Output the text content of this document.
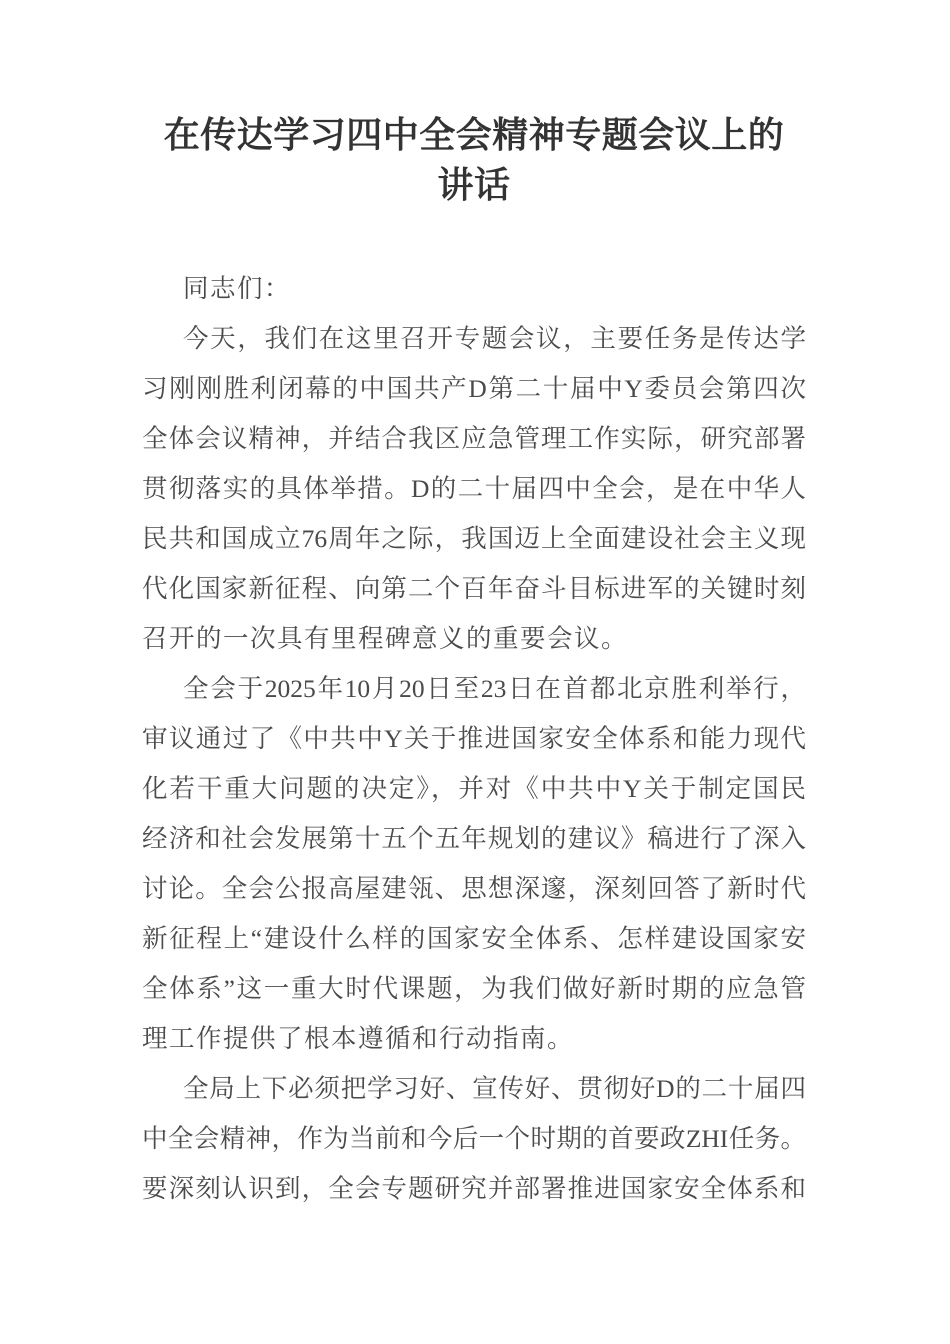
在传达学习四中全会精神专题会议上的
讲话
同志们：
今天，我们在这里召开专题会议，主要任务是传达学
习刚刚胜利闭幕的中国共产D第二十届中Y委员会第四次
全体会议精神，并结合我区应急管理工作实际，研究部署
贯彻落实的具体举措。D的二十届四中全会，是在中华人
民共和国成立76周年之际，我国迈上全面建设社会主义现
代化国家新征程、向第二个百年奋斗目标进军的关键时刻
召开的一次具有里程碑意义的重要会议。
全会于2025年10月20日至23日在首都北京胜利举行，
审议通过了《中共中Y关于推进国家安全体系和能力现代
化若干重大问题的决定》，并对《中共中Y关于制定国民
经济和社会发展第十五个五年规划的建议》稿进行了深入
讨论。全会公报高屋建瓴、思想深邃，深刻回答了新时代
新征程上“建设什么样的国家安全体系、怎样建设国家安
全体系”这一重大时代课题，为我们做好新时期的应急管
理工作提供了根本遵循和行动指南。
全局上下必须把学习好、宣传好、贯彻好D的二十届四
中全会精神，作为当前和今后一个时期的首要政ZHI任务。
要深刻认识到，全会专题研究并部署推进国家安全体系和
